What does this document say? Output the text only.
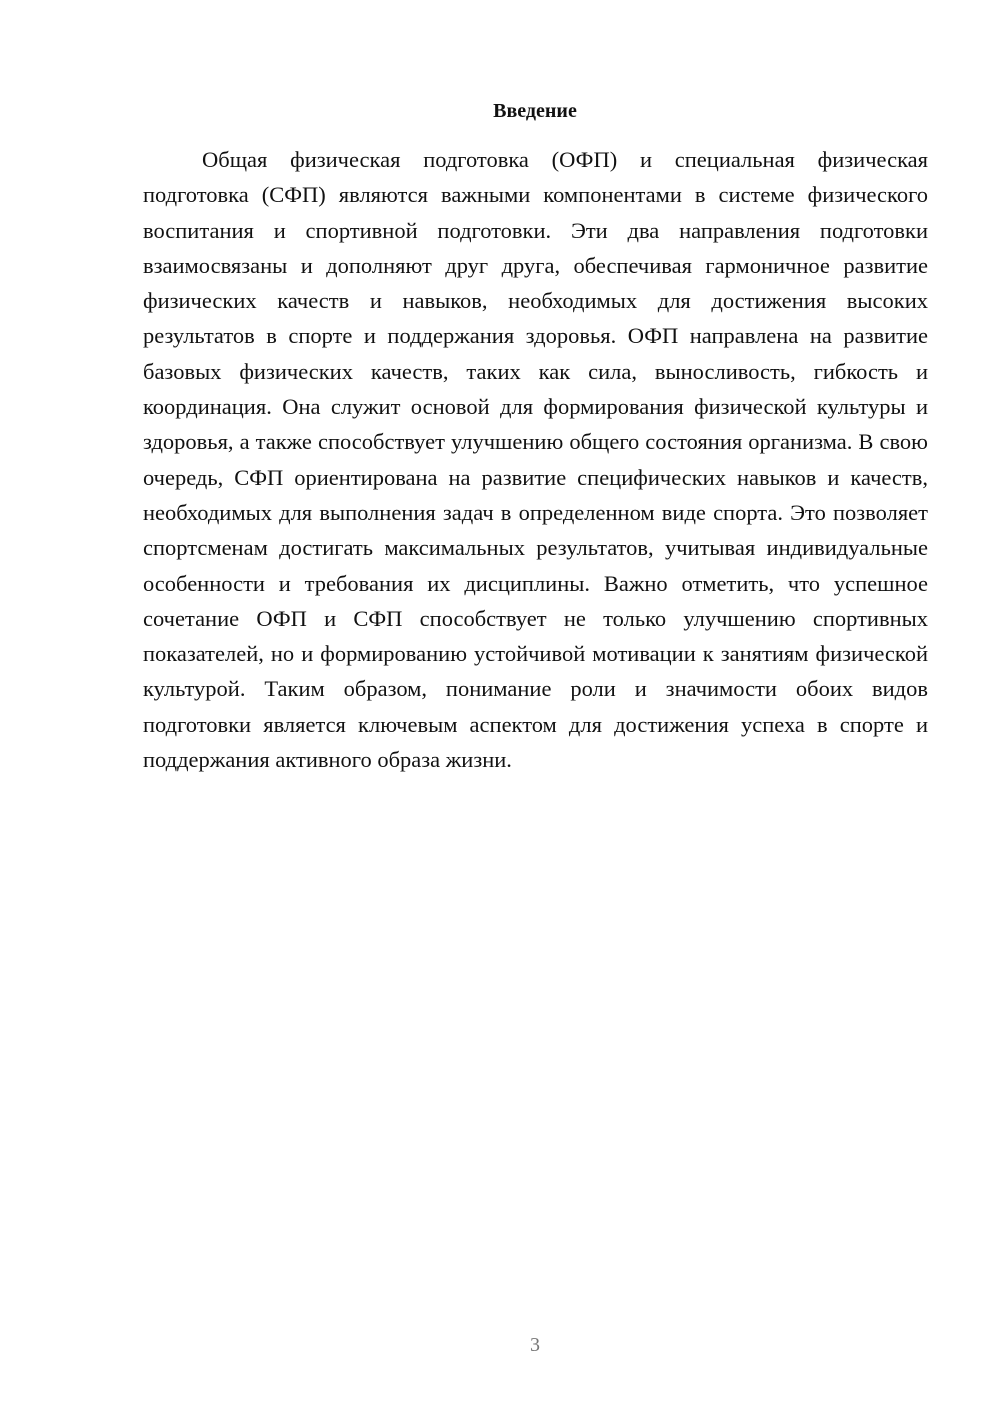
Введение

Общая физическая подготовка (ОФП) и специальная физическая подготовка (СФП) являются важными компонентами в системе физического воспитания и спортивной подготовки. Эти два направления подготовки взаимосвязаны и дополняют друг друга, обеспечивая гармоничное развитие физических качеств и навыков, необходимых для достижения высоких результатов в спорте и поддержания здоровья. ОФП направлена на развитие базовых физических качеств, таких как сила, выносливость, гибкость и координация. Она служит основой для формирования физической культуры и здоровья, а также способствует улучшению общего состояния организма. В свою очередь, СФП ориентирована на развитие специфических навыков и качеств, необходимых для выполнения задач в определенном виде спорта. Это позволяет спортсменам достигать максимальных результатов, учитывая индивидуальные особенности и требования их дисциплины. Важно отметить, что успешное сочетание ОФП и СФП способствует не только улучшению спортивных показателей, но и формированию устойчивой мотивации к занятиям физической культурой. Таким образом, понимание роли и значимости обоих видов подготовки является ключевым аспектом для достижения успеха в спорте и поддержания активного образа жизни.

3
